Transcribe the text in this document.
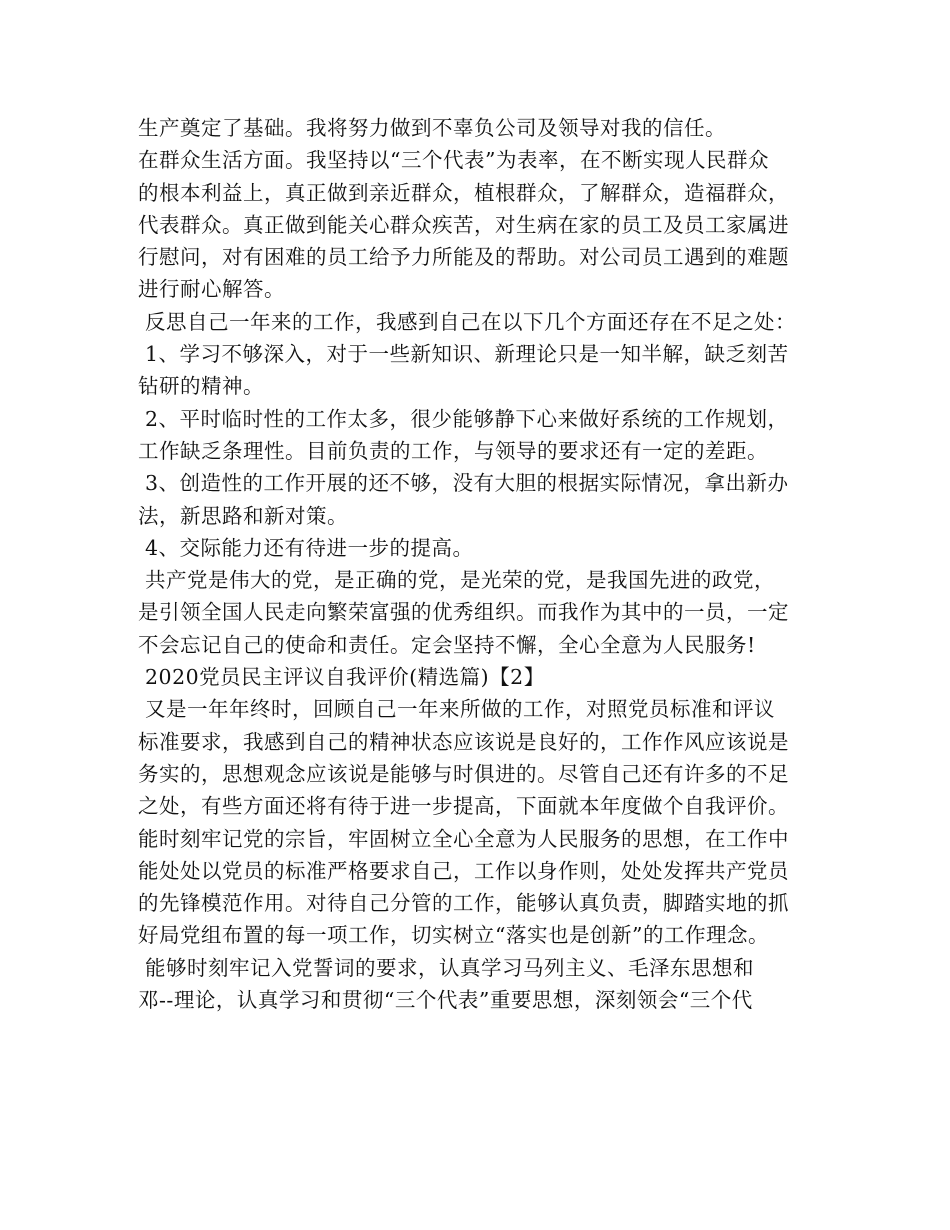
生产奠定了基础。我将努力做到不辜负公司及领导对我的信任。
在群众生活方面。我坚持以“三个代表”为表率，在不断实现人民群众
的根本利益上，真正做到亲近群众，植根群众，了解群众，造福群众，
代表群众。真正做到能关心群众疾苦，对生病在家的员工及员工家属进
行慰问，对有困难的员工给予力所能及的帮助。对公司员工遇到的难题
进行耐心解答。
反思自己一年来的工作，我感到自己在以下几个方面还存在不足之处：
1、学习不够深入，对于一些新知识、新理论只是一知半解，缺乏刻苦
钻研的精神。
2、平时临时性的工作太多，很少能够静下心来做好系统的工作规划，
工作缺乏条理性。目前负责的工作，与领导的要求还有一定的差距。
3、创造性的工作开展的还不够，没有大胆的根据实际情况，拿出新办
法，新思路和新对策。
4、交际能力还有待进一步的提高。
共产党是伟大的党，是正确的党，是光荣的党，是我国先进的政党，
是引领全国人民走向繁荣富强的优秀组织。而我作为其中的一员，一定
不会忘记自己的使命和责任。定会坚持不懈，全心全意为人民服务!
2020党员民主评议自我评价(精选篇)【2】
又是一年年终时，回顾自己一年来所做的工作，对照党员标准和评议
标准要求，我感到自己的精神状态应该说是良好的，工作作风应该说是
务实的，思想观念应该说是能够与时俱进的。尽管自己还有许多的不足
之处，有些方面还将有待于进一步提高，下面就本年度做个自我评价。
能时刻牢记党的宗旨，牢固树立全心全意为人民服务的思想，在工作中
能处处以党员的标准严格要求自己，工作以身作则，处处发挥共产党员
的先锋模范作用。对待自己分管的工作，能够认真负责，脚踏实地的抓
好局党组布置的每一项工作，切实树立“落实也是创新”的工作理念。
能够时刻牢记入党誓词的要求，认真学习马列主义、毛泽东思想和
邓--理论，认真学习和贯彻“三个代表”重要思想，深刻领会“三个代
